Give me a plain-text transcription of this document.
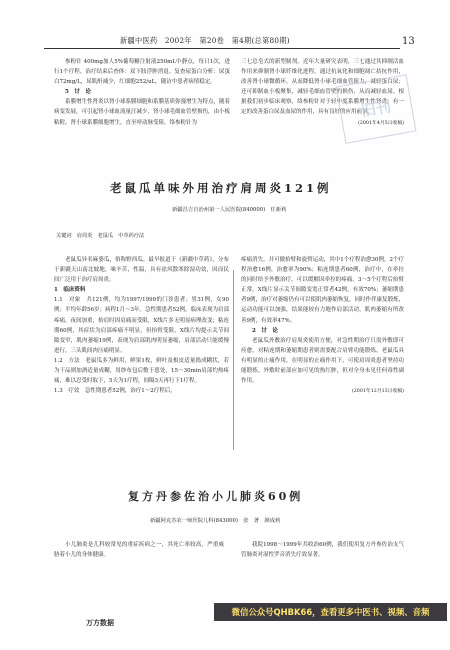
新疆中医药　2002年　第20卷　第4期(总第80期)	13

参粉针 400mg加人5%葡萄糖注射液250mL中静点，每日1次，进行1个疗程。治疗结束后查体：双下肢浮肿消退。复查尿蛋白分析：尿蛋白72mg/L，尿肌酐减少，红细胞252/uL。随访中患者病情稳定。

5　讨　论

系膜增生性肾炎以肾小球系膜细胞和系膜基质弥漫增生为特点，随着病变发展，可引起肾小球血流量汪减少，肾小球毛细血管壁损伤，由小板粘附，肾小球系膜细胞增生，直至呼动脉受阻。络参粉针为

三七总皂式的新型制剂。近年大量研究表明，三七通过其抑制活血作用来抑制肾小球纤维化进程，通过抗氧化和细胞凋亡拮抗作用，改善肾小球微循环，从而降低肾小球毛细血管阻力，减轻蛋白尿；还可抑制血小板聚集，减轻毛细血管壁的损伤，从而减轻血尿。根据我们初步临床观察，络参粉针对于轻中度系膜增生性肾炎，有一定的改善蛋白尿及血尿的作用，具有良好的应用前景。

(2001年4月5日收稿)

旧刊
老鼠瓜单味外用治疗肩周炎121例
新疆昌吉自治州第一人民医院(840000)　任新莉
关键词　肩周炎　老鼠瓜　中草药疗法

老鼠瓜异名麻婆瓜，俗称野西瓜。最早报道于《新疆中草药》，分布于新疆天山南北坡地，味辛苦，性温，具有祛风散寒除湿功效，因而民间广泛用于治疗肩周炎。

1　临床资料

1.1　对象　共121例，均为1997/1999的门诊患者；男31例，女90例；平均年龄56岁；病程1月～3年。急性期患者52例，临床表现为肩部疼痛，夜间加重，抬肩时因肩痛而受限，X线片多无明显病理改变；粘连期60例，其症状为肩部疼痛不明显，但抬臂受限，X线片均提示关节间隙变窄，肌肉萎缩19例，表现为肩部肌肉明显萎缩，肩部活动只能缓慢进行，三头肌间肉压痛明显。

1.2　方法　老鼠瓜多为鲜用，鲜果1枚，鲜叶及根皮适量捣成糊状，若为干品则加酒适量成糊，用纱布包后敷于患处，15～30min肩部灼热疼痛，难以忍受时取下，5天为1疗程，间隔3天再行下1疗程。

1.3　疗效　急性期患者52例，治疗1～2疗程后，

疼痛消失，并可做抬臂和旋臂运动，其中1个疗程治愈30例，2个疗程治愈16例，治愈率为90%；粘连期患者60例，治疗中，在牵拉的同时给予外敷治疗，可以缓解因牵拉的疼痛，3～5个疗程后抬臂正常，X线片显示关节间隙变宽正常者42例，有效70%；萎缩期患者9例，治疗对萎缩仍有可以使肌肉萎缩恢复，同时作伴康复锻炼，运动功能可以加强，结果能较有力地作肩部活动，肌肉萎缩有所改善9例，有效率47%。

2　讨　论

老鼠瓜外敷治疗肩周炎使用方便，对急性期治疗只需外敷即可痊愈，对粘连期和萎缩期患者则需要配合肩臂功能锻炼。老鼠瓜具有明显的止痛作用，在明显的止痛作用下，可使肩周炎患者坚持功能锻炼。外敷时前部应加可见的热红肿，但对全身未见任何毒性副作用。

(2001年12月13日收稿)

复方丹参佐治小儿肺炎60例
新疆阿克苏农一师医院儿科(843000)　张　著　颜成莉

小儿肺炎是儿科较常见的重症疾病之一，其死亡率较高，严重威胁着小儿的身体健康。

我院1998～1999年共收治60例，我们使用复方丹参佐治支气管肺炎对湿性罗音消失疗效显著。

万方数据
微信公众号QHBK66，查看更多中医书、视频、音频
